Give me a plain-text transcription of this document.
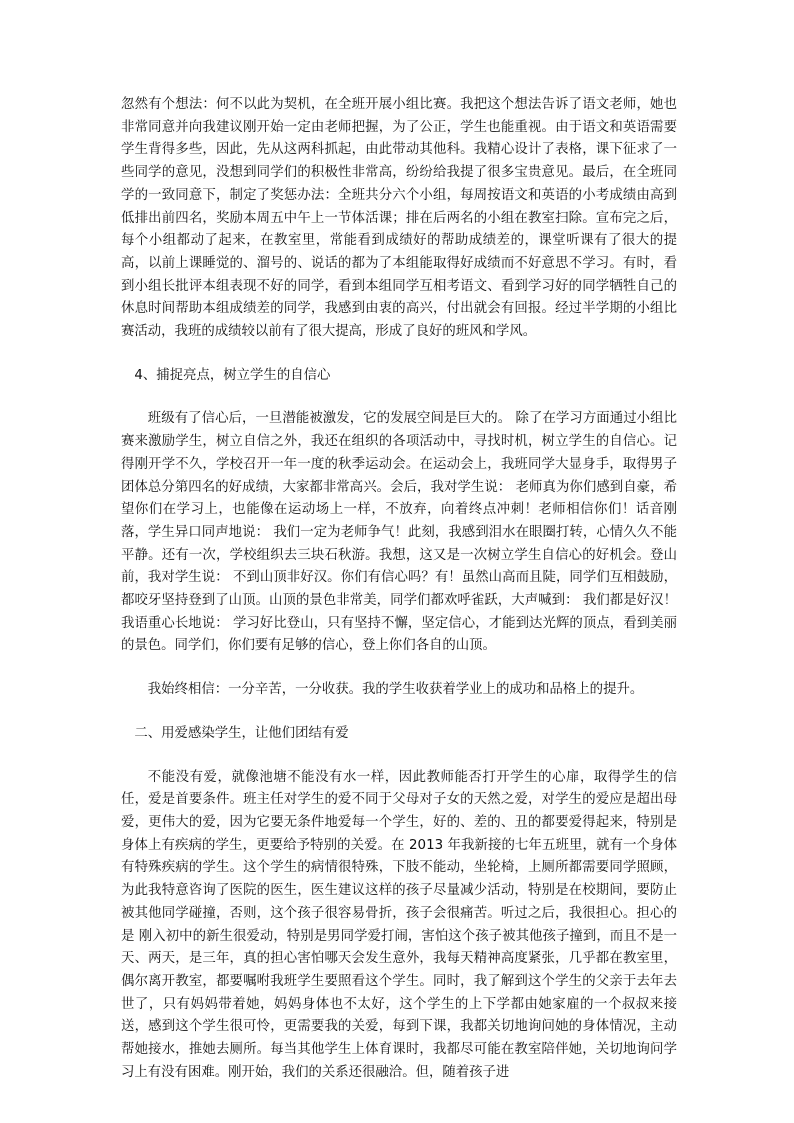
忽然有个想法：何不以此为契机，在全班开展小组比赛。我把这个想法告诉了语文老师，她也非常同意并向我建议刚开始一定由老师把握，为了公正，学生也能重视。由于语文和英语需要学生背得多些，因此，先从这两科抓起，由此带动其他科。我精心设计了表格，课下征求了一些同学的意见，没想到同学们的积极性非常高，纷纷给我提了很多宝贵意见。最后，在全班同学的一致同意下，制定了奖惩办法：全班共分六个小组，每周按语文和英语的小考成绩由高到低排出前四名，奖励本周五中午上一节体活课；排在后两名的小组在教室扫除。宣布完之后，每个小组都动了起来，在教室里，常能看到成绩好的帮助成绩差的，课堂听课有了很大的提高，以前上课睡觉的、溜号的、说话的都为了本组能取得好成绩而不好意思不学习。有时，看到小组长批评本组表现不好的同学，看到本组同学互相考语文、看到学习好的同学牺牲自己的休息时间帮助本组成绩差的同学，我感到由衷的高兴，付出就会有回报。经过半学期的小组比赛活动，我班的成绩较以前有了很大提高，形成了良好的班风和学风。

4、捕捉亮点，树立学生的自信心

班级有了信心后，一旦潜能被激发，它的发展空间是巨大的。 除了在学习方面通过小组比赛来激励学生，树立自信之外，我还在组织的各项活动中，寻找时机，树立学生的自信心。记得刚开学不久，学校召开一年一度的秋季运动会。在运动会上，我班同学大显身手，取得男子团体总分第四名的好成绩，大家都非常高兴。会后，我对学生说： 老师真为你们感到自豪，希望你们在学习上，也能像在运动场上一样，不放弃，向着终点冲刺！老师相信你们！话音刚落，学生异口同声地说： 我们一定为老师争气！此刻，我感到泪水在眼圈打转，心情久久不能平静。还有一次，学校组织去三块石秋游。我想，这又是一次树立学生自信心的好机会。登山前，我对学生说： 不到山顶非好汉。你们有信心吗？有！虽然山高而且陡，同学们互相鼓励，都咬牙坚持登到了山顶。山顶的景色非常美，同学们都欢呼雀跃，大声喊到： 我们都是好汉！我语重心长地说： 学习好比登山，只有坚持不懈，坚定信心，才能到达光辉的顶点，看到美丽的景色。同学们，你们要有足够的信心，登上你们各自的山顶。

我始终相信：一分辛苦，一分收获。我的学生收获着学业上的成功和品格上的提升。

二、用爱感染学生，让他们团结有爱

不能没有爱，就像池塘不能没有水一样，因此教师能否打开学生的心扉，取得学生的信任，爱是首要条件。班主任对学生的爱不同于父母对子女的天然之爱，对学生的爱应是超出母爱，更伟大的爱，因为它要无条件地爱每一个学生，好的、差的、丑的都要爱得起来，特别是身体上有疾病的学生，更要给予特别的关爱。在 2013 年我新接的七年五班里，就有一个身体有特殊疾病的学生。这个学生的病情很特殊，下肢不能动，坐轮椅，上厕所都需要同学照顾，为此我特意咨询了医院的医生，医生建议这样的孩子尽量减少活动，特别是在校期间，要防止被其他同学碰撞，否则，这个孩子很容易骨折，孩子会很痛苦。听过之后，我很担心。担心的是 刚入初中的新生很爱动，特别是男同学爱打闹，害怕这个孩子被其他孩子撞到，而且不是一天、两天，是三年，真的担心害怕哪天会发生意外，我每天精神高度紧张，几乎都在教室里，偶尔离开教室，都要嘱咐我班学生要照看这个学生。同时，我了解到这个学生的父亲于去年去世了，只有妈妈带着她，妈妈身体也不太好，这个学生的上下学都由她家雇的一个叔叔来接送，感到这个学生很可怜，更需要我的关爱，每到下课，我都关切地询问她的身体情况，主动帮她接水，推她去厕所。每当其他学生上体育课时，我都尽可能在教室陪伴她，关切地询问学习上有没有困难。刚开始，我们的关系还很融洽。但，随着孩子进
